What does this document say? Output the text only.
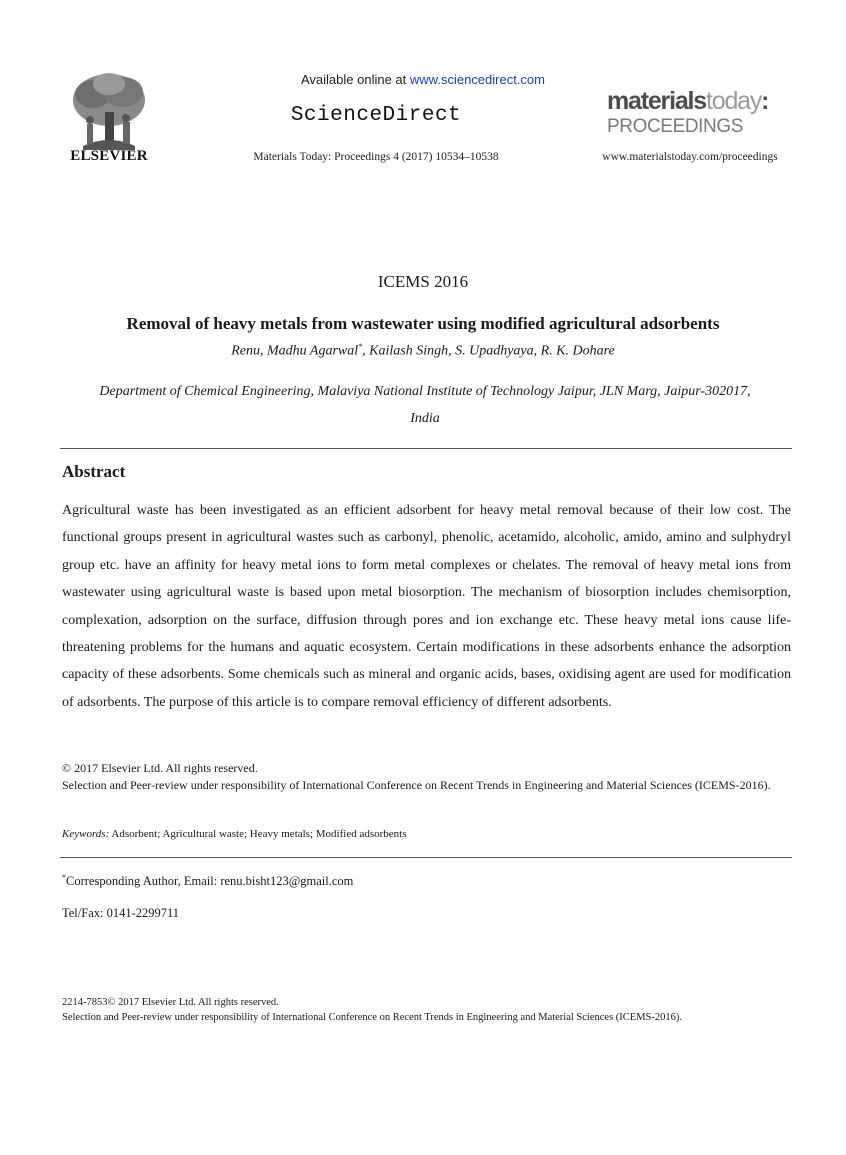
Available online at www.sciencedirect.com
ScienceDirect
Materials Today: Proceedings 4 (2017) 10534–10538
ELSEVIER
materialstoday:
PROCEEDINGS
www.materialstoday.com/proceedings
ICEMS 2016
Removal of heavy metals from wastewater using modified agricultural adsorbents
Renu, Madhu Agarwal*, Kailash Singh, S. Upadhyaya, R. K. Dohare
Department of Chemical Engineering, Malaviya National Institute of Technology Jaipur, JLN Marg, Jaipur-302017,
India
Abstract
Agricultural waste has been investigated as an efficient adsorbent for heavy metal removal because of their low cost. The functional groups present in agricultural wastes such as carbonyl, phenolic, acetamido, alcoholic, amido, amino and sulphydryl group etc. have an affinity for heavy metal ions to form metal complexes or chelates. The removal of heavy metal ions from wastewater using agricultural waste is based upon metal biosorption. The mechanism of biosorption includes chemisorption, complexation, adsorption on the surface, diffusion through pores and ion exchange etc. These heavy metal ions cause life-threatening problems for the humans and aquatic ecosystem. Certain modifications in these adsorbents enhance the adsorption capacity of these adsorbents. Some chemicals such as mineral and organic acids, bases, oxidising agent are used for modification of adsorbents. The purpose of this article is to compare removal efficiency of different adsorbents.
© 2017 Elsevier Ltd. All rights reserved.
Selection and Peer-review under responsibility of International Conference on Recent Trends in Engineering and Material Sciences (ICEMS-2016).
Keywords: Adsorbent; Agricultural waste; Heavy metals; Modified adsorbents
*Corresponding Author, Email: renu.bisht123@gmail.com
Tel/Fax: 0141-2299711
2214-7853© 2017 Elsevier Ltd. All rights reserved.
Selection and Peer-review under responsibility of International Conference on Recent Trends in Engineering and Material Sciences (ICEMS-2016).
